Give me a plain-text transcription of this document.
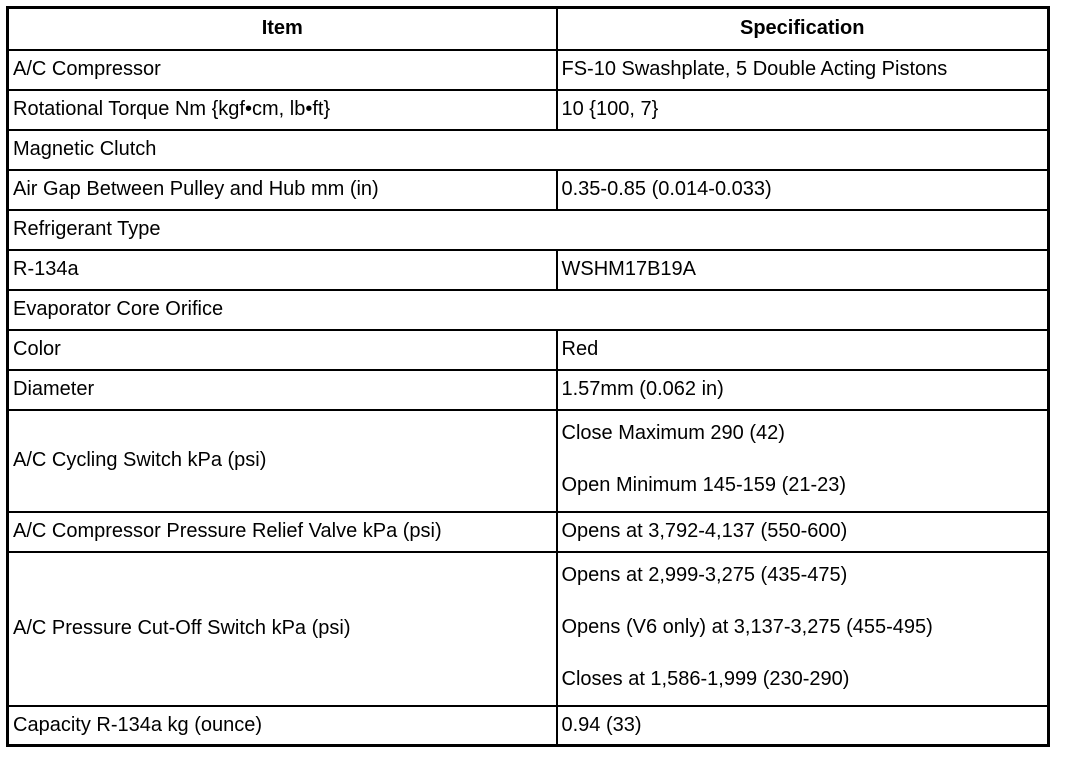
Item	Specification
A/C Compressor	FS-10 Swashplate, 5 Double Acting Pistons
Rotational Torque Nm {kgf•cm, lb•ft}	10 {100, 7}
Magnetic Clutch	
Air Gap Between Pulley and Hub mm (in)	0.35-0.85 (0.014-0.033)
Refrigerant Type	
R-134a	WSHM17B19A
Evaporator Core Orifice	
Color	Red
Diameter	1.57mm (0.062 in)
A/C Cycling Switch kPa (psi)	Close Maximum 290 (42)
Open Minimum 145-159 (21-23)

A/C Compressor Pressure Relief Valve kPa (psi)	Opens at 3,792-4,137 (550-600)
A/C Pressure Cut-Off Switch kPa (psi)	Opens at 2,999-3,275 (435-475)
Opens (V6 only) at 3,137-3,275 (455-495)
Closes at 1,586-1,999 (230-290)

Capacity R-134a kg (ounce)	0.94 (33)
